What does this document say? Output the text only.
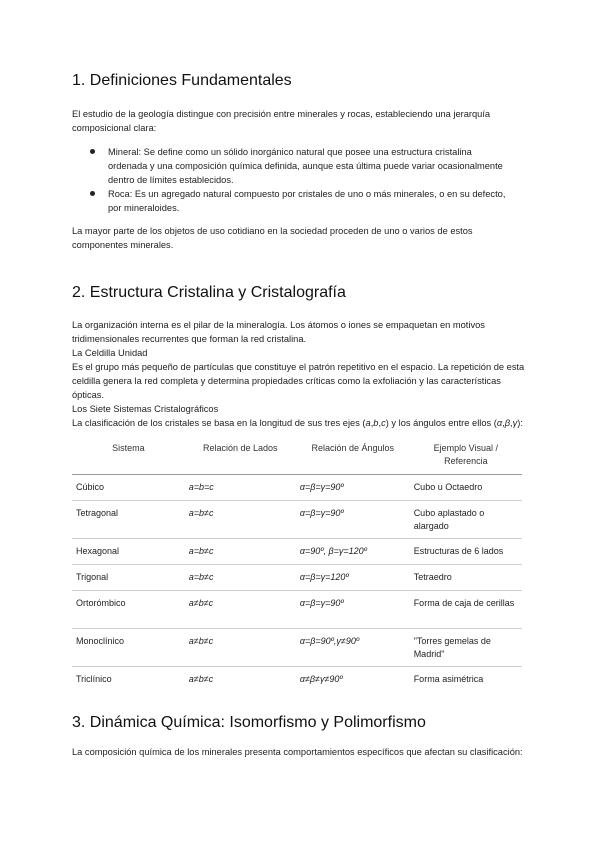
1. Definiciones Fundamentales
El estudio de la geología distingue con precisión entre minerales y rocas, estableciendo una jerarquía composicional clara:
Mineral: Se define como un sólido inorgánico natural que posee una estructura cristalina ordenada y una composición química definida, aunque esta última puede variar ocasionalmente dentro de límites establecidos.
Roca: Es un agregado natural compuesto por cristales de uno o más minerales, o en su defecto, por mineraloides.
La mayor parte de los objetos de uso cotidiano en la sociedad proceden de uno o varios de estos componentes minerales.
2. Estructura Cristalina y Cristalografía
La organización interna es el pilar de la mineralogía. Los átomos o iones se empaquetan en motivos tridimensionales recurrentes que forman la red cristalina.
La Celdilla Unidad
Es el grupo más pequeño de partículas que constituye el patrón repetitivo en el espacio. La repetición de esta celdilla genera la red completa y determina propiedades críticas como la exfoliación y las características ópticas.
Los Siete Sistemas Cristalográficos
La clasificación de los cristales se basa en la longitud de sus tres ejes (a,b,c) y los ángulos entre ellos (α,β,γ):
Sistema	Relación de Lados	Relación de Ángulos	Ejemplo Visual / Referencia
Cúbico	a=b=c	α=β=γ=90º	Cubo u Octaedro
Tetragonal	a=b≠c	α=β=γ=90º	Cubo aplastado o alargado
Hexagonal	a=b≠c	α=90º, β=γ=120º	Estructuras de 6 lados
Trigonal	a=b≠c	α=β=γ=120º	Tetraedro
Ortorómbico	a≠b≠c	α=β=γ=90º	Forma de caja de cerillas
Monoclínico	a≠b≠c	α=β=90º,γ≠90º	"Torres gemelas de Madrid"
Triclínico	a≠b≠c	α≠β≠γ≠90º	Forma asimétrica
3. Dinámica Química: Isomorfismo y Polimorfismo
La composición química de los minerales presenta comportamientos específicos que afectan su clasificación:
